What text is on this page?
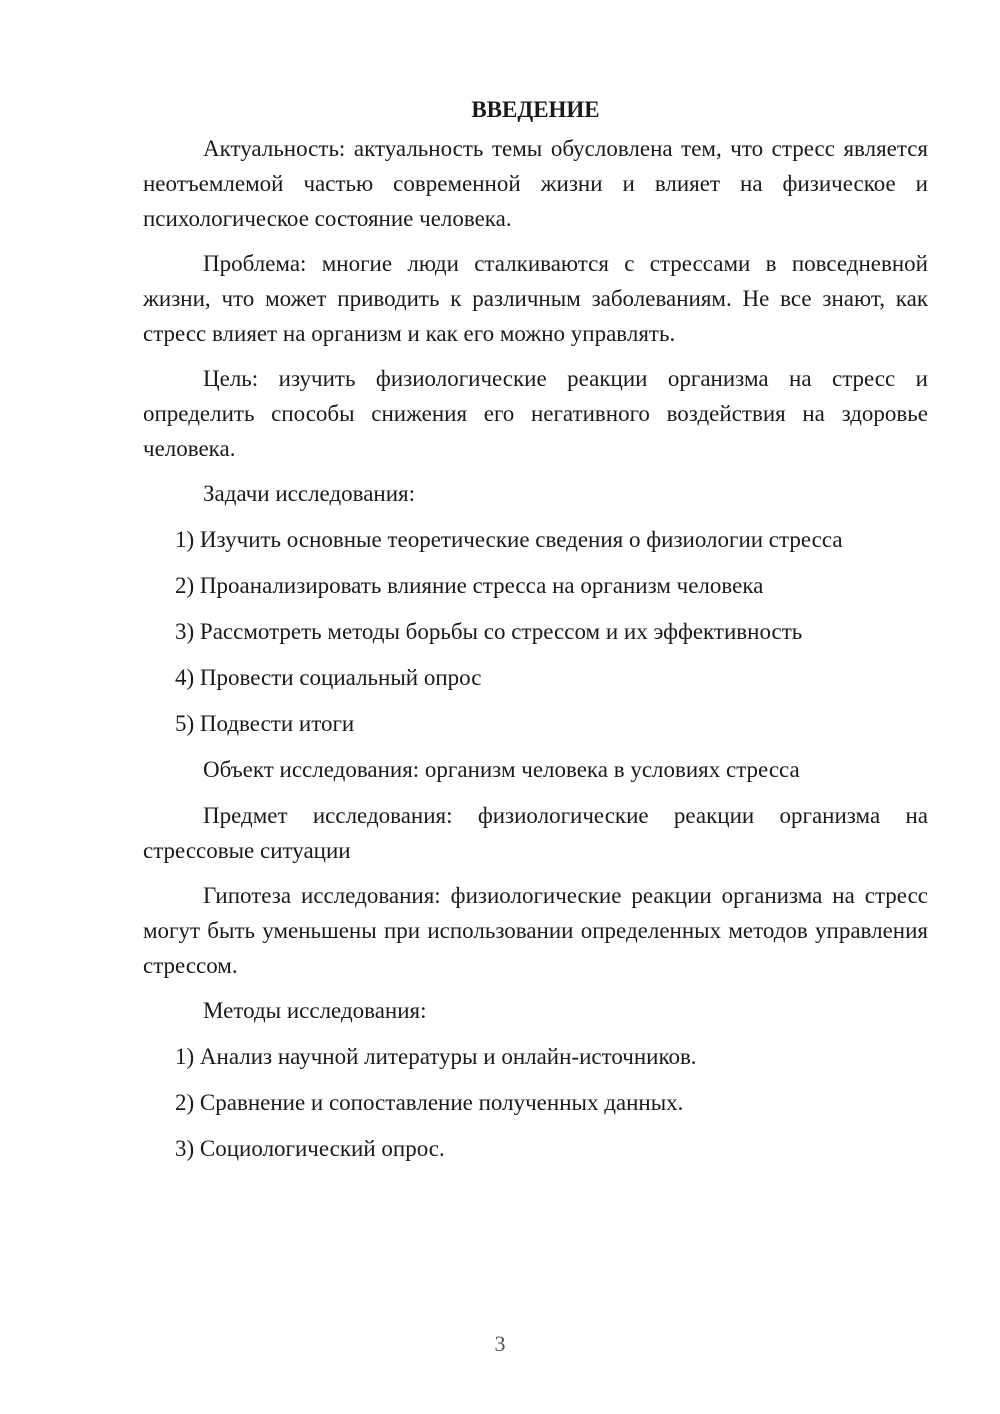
ВВЕДЕНИЕ

Актуальность: актуальность темы обусловлена тем, что стресс является неотъемлемой частью современной жизни и влияет на физическое и психологическое состояние человека.

Проблема: многие люди сталкиваются с стрессами в повседневной жизни, что может приводить к различным заболеваниям. Не все знают, как стресс влияет на организм и как его можно управлять.

Цель: изучить физиологические реакции организма на стресс и определить способы снижения его негативного воздействия на здоровье человека.

Задачи исследования:

1) Изучить основные теоретические сведения о физиологии стресса
2) Проанализировать влияние стресса на организм человека
3) Рассмотреть методы борьбы со стрессом и их эффективность
4) Провести социальный опрос
5) Подвести итоги

Объект исследования: организм человека в условиях стресса

Предмет исследования: физиологические реакции организма на стрессовые ситуации

Гипотеза исследования: физиологические реакции организма на стресс могут быть уменьшены при использовании определенных методов управления стрессом.

Методы исследования:

1) Анализ научной литературы и онлайн-источников.
2) Сравнение и сопоставление полученных данных.
3) Социологический опрос.
3
